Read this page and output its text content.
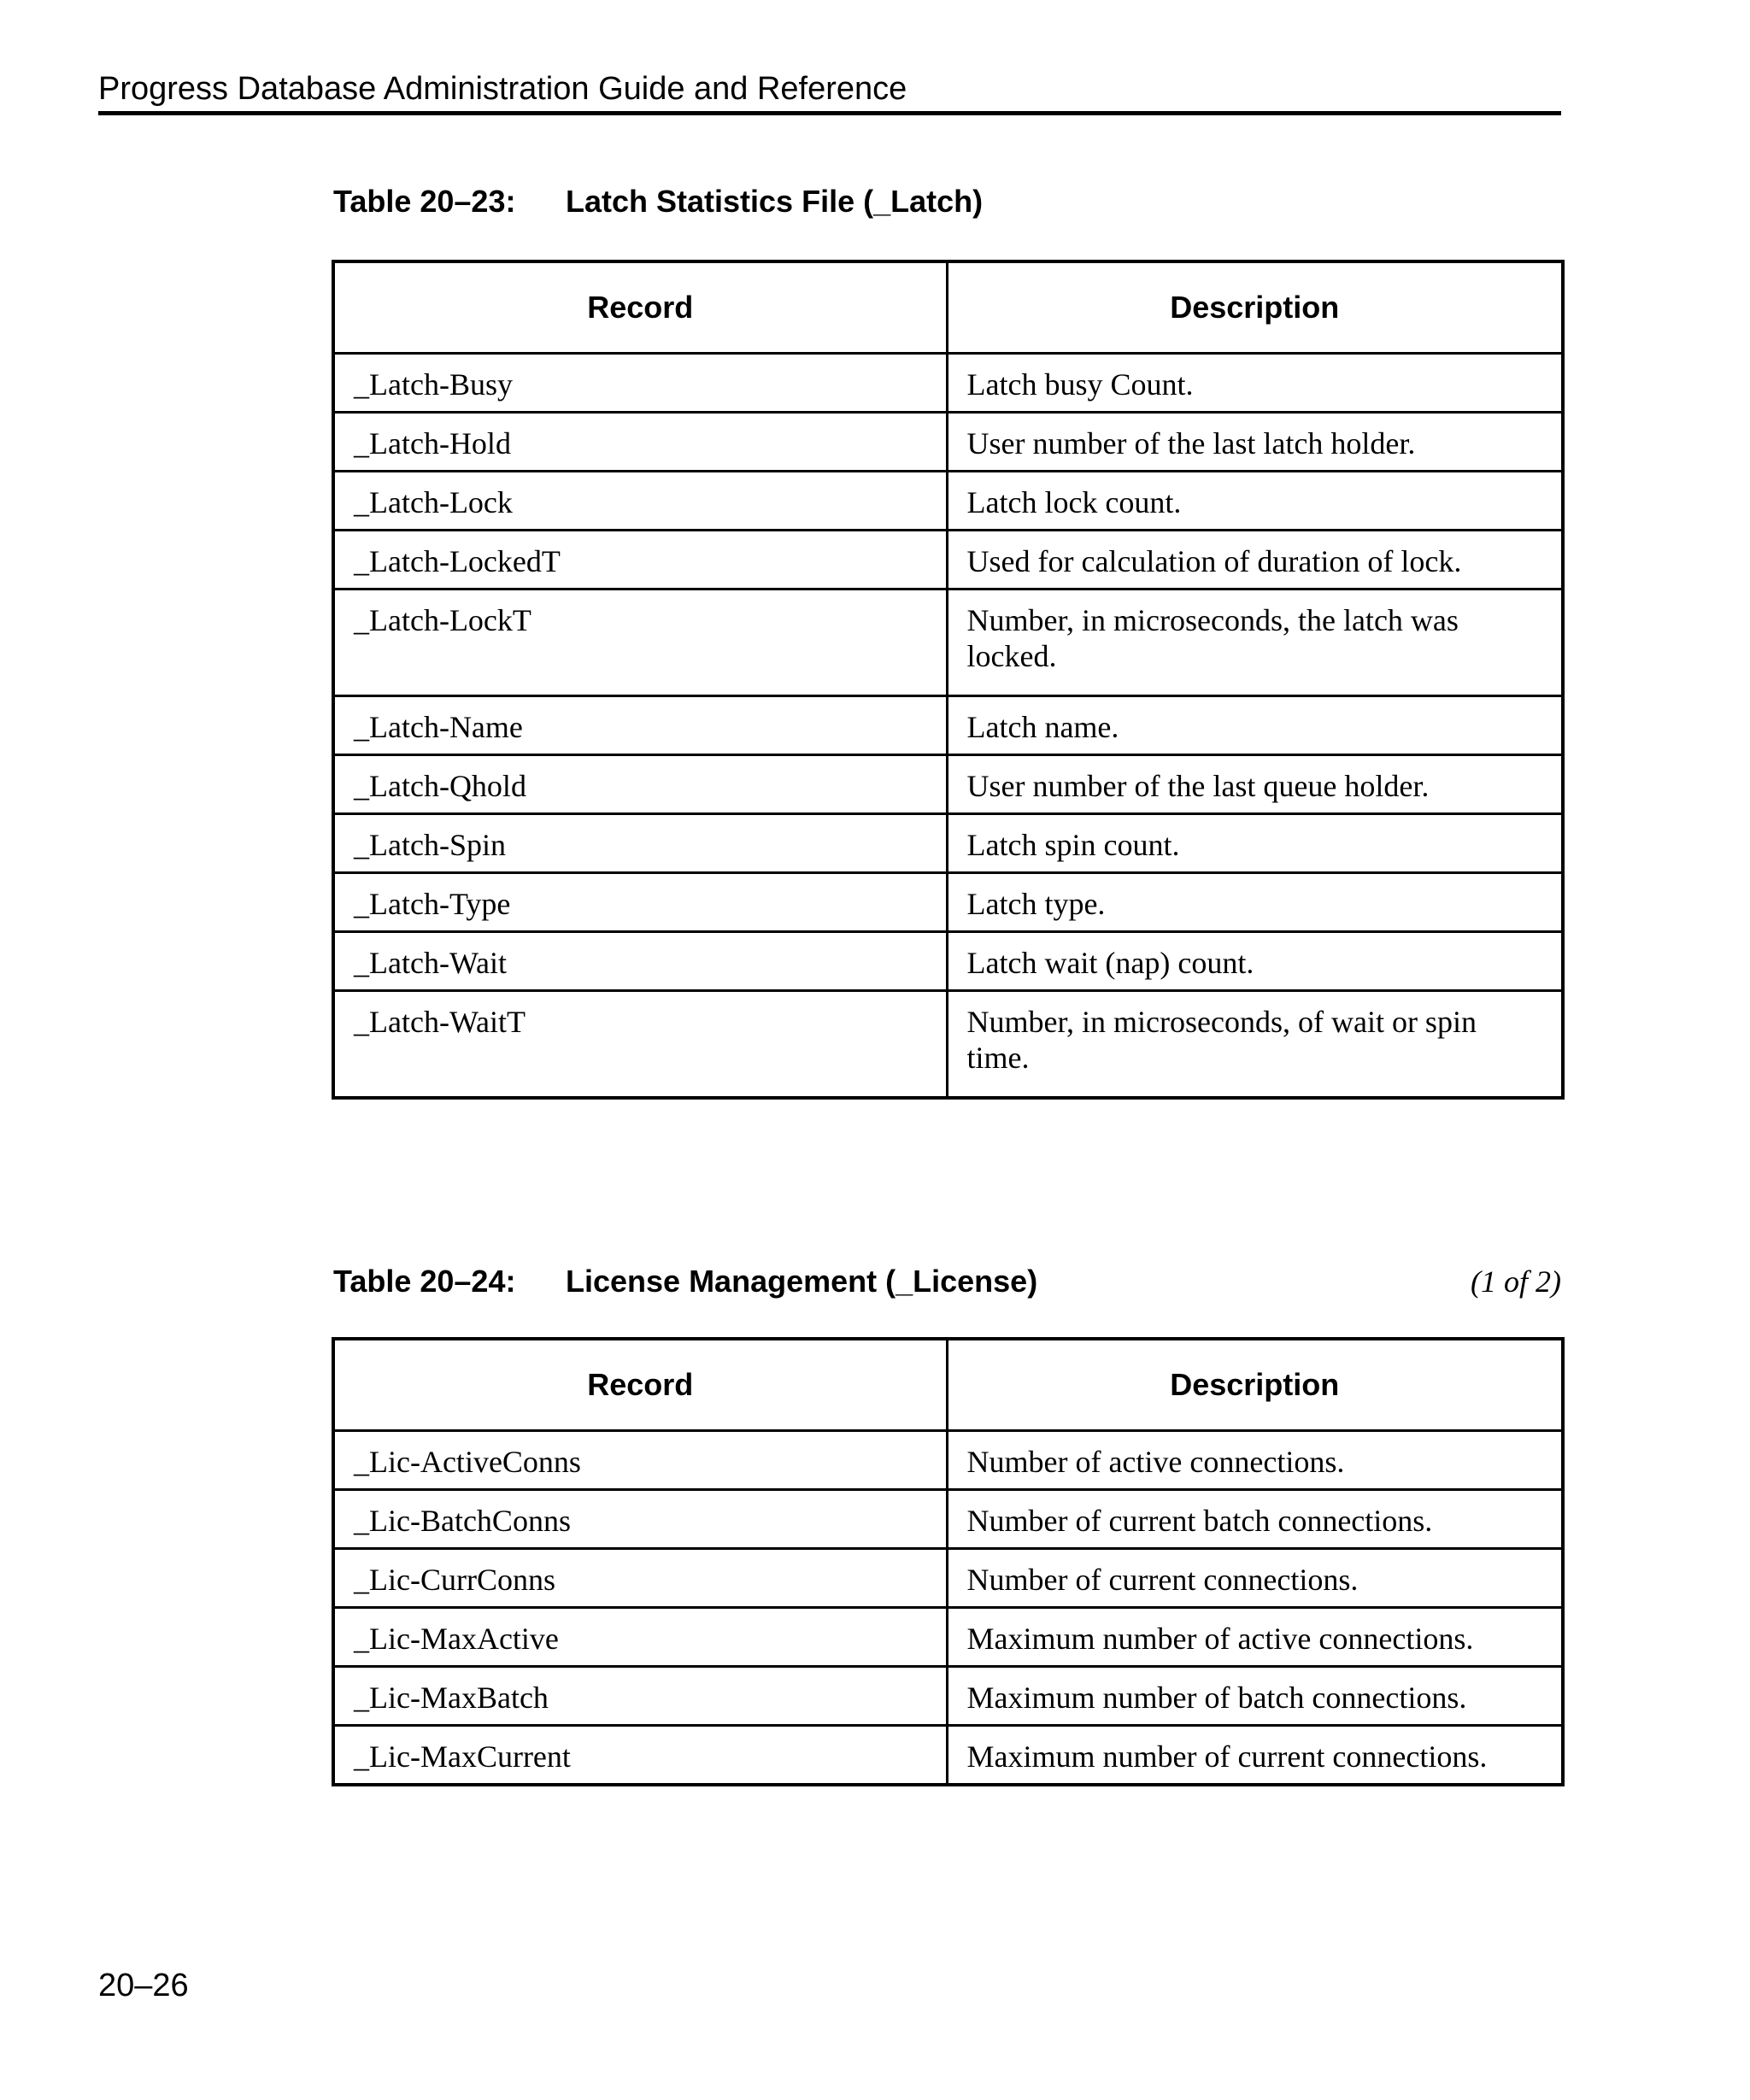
Progress Database Administration Guide and Reference
Table 20–23: Latch Statistics File (_Latch)
Record	Description
_Latch-Busy	Latch busy Count.
_Latch-Hold	User number of the last latch holder.
_Latch-Lock	Latch lock count.
_Latch-LockedT	Used for calculation of duration of lock.
_Latch-LockT	Number, in microseconds, the latch was locked.
_Latch-Name	Latch name.
_Latch-Qhold	User number of the last queue holder.
_Latch-Spin	Latch spin count.
_Latch-Type	Latch type.
_Latch-Wait	Latch wait (nap) count.
_Latch-WaitT	Number, in microseconds, of wait or spin time.
Table 20–24: License Management (_License)	(1 of 2)
Record	Description
_Lic-ActiveConns	Number of active connections.
_Lic-BatchConns	Number of current batch connections.
_Lic-CurrConns	Number of current connections.
_Lic-MaxActive	Maximum number of active connections.
_Lic-MaxBatch	Maximum number of batch connections.
_Lic-MaxCurrent	Maximum number of current connections.
20–26
